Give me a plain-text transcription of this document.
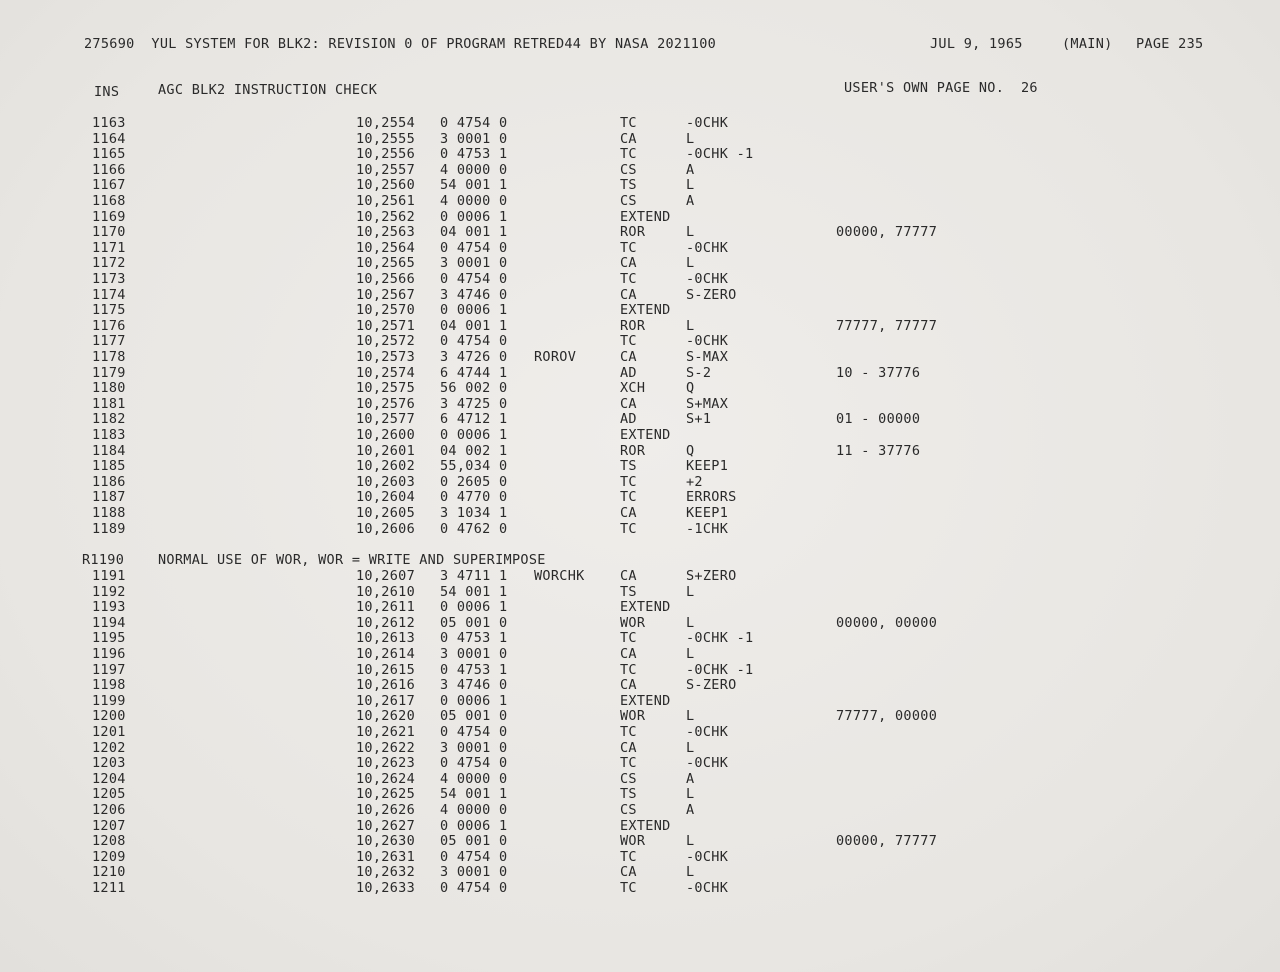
275690  YUL SYSTEM FOR BLK2: REVISION 0 OF PROGRAM RETRED44 BY NASA 2021100	JUL 9, 1965	(MAIN) PAGE 235
INS	AGC BLK2 INSTRUCTION CHECK	USER'S OWN PAGE NO.  26
1163	10,2554 0 4754 0	TC	-0CHK
1164	10,2555 3 0001 0	CA	L
1165	10,2556 0 4753 1	TC	-0CHK -1
1166	10,2557 4 0000 0	CS	A
1167	10,2560 54 001 1	TS	L
1168	10,2561 4 0000 0	CS	A
1169	10,2562 0 0006 1	EXTEND
1170	10,2563 04 001 1	ROR	L	00000, 77777
1171	10,2564 0 4754 0	TC	-0CHK
1172	10,2565 3 0001 0	CA	L
1173	10,2566 0 4754 0	TC	-0CHK
1174	10,2567 3 4746 0	CA	S-ZERO
1175	10,2570 0 0006 1	EXTEND
1176	10,2571 04 001 1	ROR	L	77777, 77777
1177	10,2572 0 4754 0	TC	-0CHK
1178	10,2573 3 4726 0 ROROV	CA	S-MAX
1179	10,2574 6 4744 1	AD	S-2	10 - 37776
1180	10,2575 56 002 0	XCH	Q
1181	10,2576 3 4725 0	CA	S+MAX
1182	10,2577 6 4712 1	AD	S+1	01 - 00000
1183	10,2600 0 0006 1	EXTEND
1184	10,2601 04 002 1	ROR	Q	11 - 37776
1185	10,2602 55,034 0	TS	KEEP1
1186	10,2603 0 2605 0	TC	+2
1187	10,2604 0 4770 0	TC	ERRORS
1188	10,2605 3 1034 1	CA	KEEP1
1189	10,2606 0 4762 0	TC	-1CHK
R1190	NORMAL USE OF WOR, WOR = WRITE AND SUPERIMPOSE
1191	10,2607 3 4711 1 WORCHK	CA	S+ZERO
1192	10,2610 54 001 1	TS	L
1193	10,2611 0 0006 1	EXTEND
1194	10,2612 05 001 0	WOR	L	00000, 00000
1195	10,2613 0 4753 1	TC	-0CHK -1
1196	10,2614 3 0001 0	CA	L
1197	10,2615 0 4753 1	TC	-0CHK -1
1198	10,2616 3 4746 0	CA	S-ZERO
1199	10,2617 0 0006 1	EXTEND
1200	10,2620 05 001 0	WOR	L	77777, 00000
1201	10,2621 0 4754 0	TC	-0CHK
1202	10,2622 3 0001 0	CA	L
1203	10,2623 0 4754 0	TC	-0CHK
1204	10,2624 4 0000 0	CS	A
1205	10,2625 54 001 1	TS	L
1206	10,2626 4 0000 0	CS	A
1207	10,2627 0 0006 1	EXTEND
1208	10,2630 05 001 0	WOR	L	00000, 77777
1209	10,2631 0 4754 0	TC	-0CHK
1210	10,2632 3 0001 0	CA	L
1211	10,2633 0 4754 0	TC	-0CHK
